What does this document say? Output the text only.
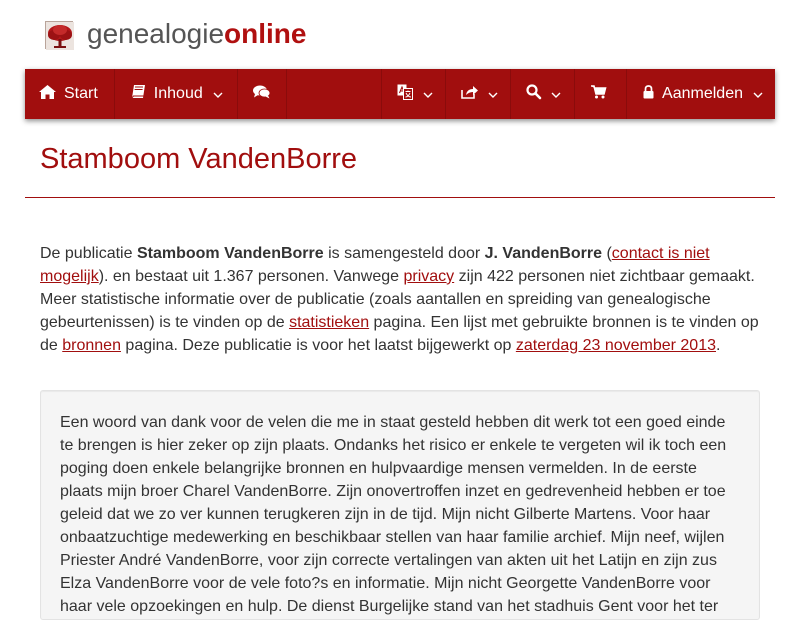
genealogieonline
Start	Inhoud	Aanmelden
Stamboom VandenBorre

De publicatie Stamboom VandenBorre is samengesteld door J. VandenBorre (contact is niet mogelijk). en bestaat uit 1.367 personen. Vanwege privacy zijn 422 personen niet zichtbaar gemaakt. Meer statistische informatie over de publicatie (zoals aantallen en spreiding van genealogische gebeurtenissen) is te vinden op de statistieken pagina. Een lijst met gebruikte bronnen is te vinden op de bronnen pagina. Deze publicatie is voor het laatst bijgewerkt op zaterdag 23 november 2013.

Een woord van dank voor de velen die me in staat gesteld hebben dit werk tot een goed einde te brengen is hier zeker op zijn plaats. Ondanks het risico er enkele te vergeten wil ik toch een poging doen enkele belangrijke bronnen en hulpvaardige mensen vermelden. In de eerste plaats mijn broer Charel VandenBorre. Zijn onovertroffen inzet en gedrevenheid hebben er toe geleid dat we zo ver kunnen terugkeren zijn in de tijd. Mijn nicht Gilberte Martens. Voor haar onbaatzuchtige medewerking en beschikbaar stellen van haar familie archief. Mijn neef, wijlen Priester André VandenBorre, voor zijn correcte vertalingen van akten uit het Latijn en zijn zus Elza VandenBorre voor de vele foto?s en informatie. Mijn nicht Georgette VandenBorre voor haar vele opzoekingen en hulp. De dienst Burgelijke stand van het stadhuis Gent voor het ter
